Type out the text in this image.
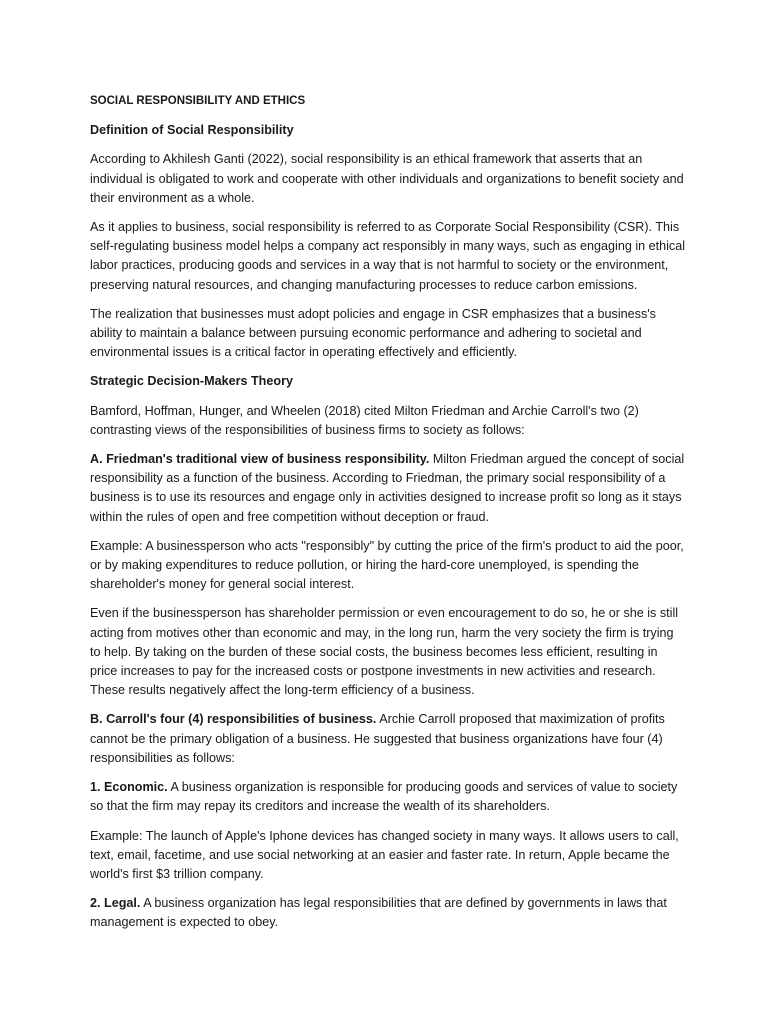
SOCIAL RESPONSIBILITY AND ETHICS

Definition of Social Responsibility

According to Akhilesh Ganti (2022), social responsibility is an ethical framework that asserts that an individual is obligated to work and cooperate with other individuals and organizations to benefit society and their environment as a whole.

As it applies to business, social responsibility is referred to as Corporate Social Responsibility (CSR). This self-regulating business model helps a company act responsibly in many ways, such as engaging in ethical labor practices, producing goods and services in a way that is not harmful to society or the environment, preserving natural resources, and changing manufacturing processes to reduce carbon emissions.

The realization that businesses must adopt policies and engage in CSR emphasizes that a business's ability to maintain a balance between pursuing economic performance and adhering to societal and environmental issues is a critical factor in operating effectively and efficiently.

Strategic Decision-Makers Theory

Bamford, Hoffman, Hunger, and Wheelen (2018) cited Milton Friedman and Archie Carroll's two (2) contrasting views of the responsibilities of business firms to society as follows:

A. Friedman's traditional view of business responsibility. Milton Friedman argued the concept of social responsibility as a function of the business. According to Friedman, the primary social responsibility of a business is to use its resources and engage only in activities designed to increase profit so long as it stays within the rules of open and free competition without deception or fraud.

Example: A businessperson who acts "responsibly" by cutting the price of the firm's product to aid the poor, or by making expenditures to reduce pollution, or hiring the hard-core unemployed, is spending the shareholder's money for general social interest.

Even if the businessperson has shareholder permission or even encouragement to do so, he or she is still acting from motives other than economic and may, in the long run, harm the very society the firm is trying to help. By taking on the burden of these social costs, the business becomes less efficient, resulting in price increases to pay for the increased costs or postpone investments in new activities and research. These results negatively affect the long-term efficiency of a business.

B. Carroll's four (4) responsibilities of business. Archie Carroll proposed that maximization of profits cannot be the primary obligation of a business. He suggested that business organizations have four (4) responsibilities as follows:

1. Economic. A business organization is responsible for producing goods and services of value to society so that the firm may repay its creditors and increase the wealth of its shareholders.

Example: The launch of Apple's Iphone devices has changed society in many ways. It allows users to call, text, email, facetime, and use social networking at an easier and faster rate. In return, Apple became the world's first $3 trillion company.

2. Legal. A business organization has legal responsibilities that are defined by governments in laws that management is expected to obey.
